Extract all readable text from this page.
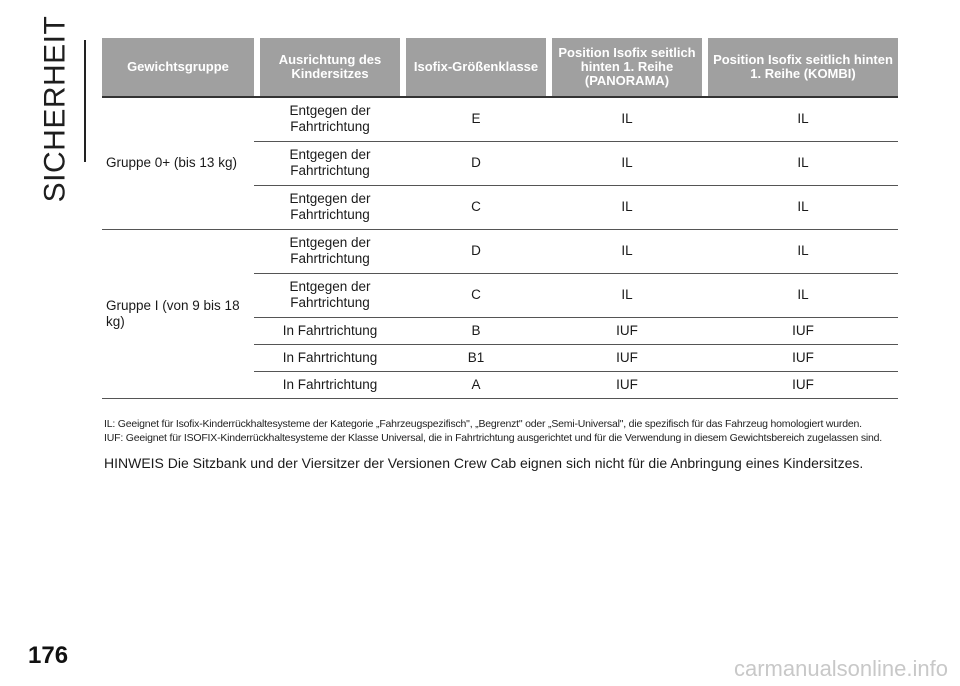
SICHERHEIT	Gewichtsgruppe		Ausrichtung des Kindersitzes		Isofix-Größenklasse		Position Isofix seitlich hinten 1. Reihe (PANORAMA)		Position Isofix seitlich hinten 1. Reihe (KOMBI)
Gruppe 0+ (bis 13 kg)		Entgegen der Fahrtrichtung		E		IL		IL
		Entgegen der Fahrtrichtung		D		IL		IL
		Entgegen der Fahrtrichtung		C		IL		IL
Gruppe I (von 9 bis 18 kg)		Entgegen der Fahrtrichtung		D		IL		IL
		Entgegen der Fahrtrichtung		C		IL		IL
		In Fahrtrichtung		B		IUF		IUF
		In Fahrtrichtung		B1		IUF		IUF
		In Fahrtrichtung		A		IUF		IUF
IL: Geeignet für Isofix-Kinderrückhaltesysteme der Kategorie „Fahrzeugspezifisch", „Begrenzt" oder „Semi-Universal", die spezifisch für das Fahrzeug homologiert wurden.
IUF: Geeignet für ISOFIX-Kinderrückhaltesysteme der Klasse Universal, die in Fahrtrichtung ausgerichtet und für die Verwendung in diesem Gewichtsbereich zugelassen sind.
HINWEIS Die Sitzbank und der Viersitzer der Versionen Crew Cab eignen sich nicht für die Anbringung eines Kindersitzes.
176	carmanualsonline.info
